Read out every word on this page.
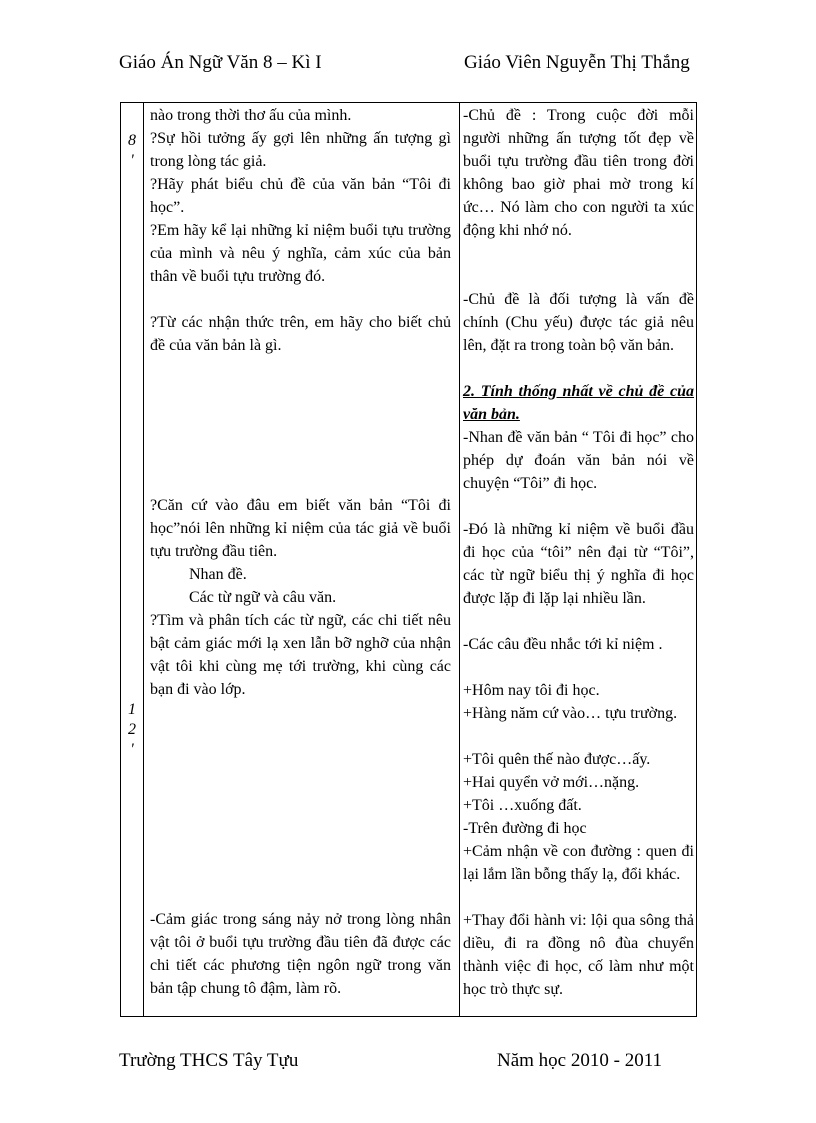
Giáo Án Ngữ Văn 8 – Kì I	Giáo Viên Nguyễn Thị Thắng
8
'
1
2
'
nào trong thời thơ ấu của mình.
?Sự hồi tưởng ấy gợi lên những ấn tượng gì trong lòng tác giả.
?Hãy phát biểu chủ đề của văn bản “Tôi đi học”.
?Em hãy kể lại những kỉ niệm buổi tựu trường của mình và nêu ý nghĩa, cảm xúc của bản thân về buổi tựu trường đó.
?Từ các nhận thức trên, em hãy cho biết chủ đề của văn bản là gì.
?Căn cứ vào đâu em biết văn bản “Tôi đi học”nói lên những kỉ niệm của tác giả về buổi tựu trường đầu tiên.
Nhan đề.
Các từ ngữ và câu văn.
?Tìm và phân tích các từ ngữ, các chi tiết nêu bật cảm giác mới lạ xen lẫn bỡ nghỡ của nhận vật tôi khi cùng mẹ tới trường, khi cùng các bạn đi vào lớp.
-Cảm giác trong sáng nảy nở trong lòng nhân vật tôi ở buổi tựu trường đầu tiên đã được các chi tiết các phương tiện ngôn ngữ trong văn bản tập chung tô đậm, làm rõ.
-Chủ đề : Trong cuộc đời mỗi người những ấn tượng tốt đẹp về buổi tựu trường đầu tiên trong đời không bao giờ phai mờ trong kí ức… Nó làm cho con người ta xúc động khi nhớ nó.
-Chủ đề là đối tượng là vấn đề chính (Chu yếu) được tác giả nêu lên, đặt ra trong toàn bộ văn bản.
2. Tính thống nhất về chủ đề của văn bản.
-Nhan đề văn bản “ Tôi đi học” cho phép dự đoán văn bản nói về chuyện “Tôi” đi học.
-Đó là những kỉ niệm về buổi đầu đi học của “tôi” nên đại từ “Tôi”, các từ ngữ biểu thị ý nghĩa đi học được lặp đi lặp lại nhiều lần.
-Các câu đều nhắc tới kỉ niệm .
+Hôm nay tôi đi học.
+Hàng năm cứ vào… tựu trường.
+Tôi quên thế nào được…ấy.
+Hai quyển vở mới…nặng.
+Tôi …xuống đất.
-Trên đường đi học
+Cảm nhận về con đường : quen đi lại lắm lần bỗng thấy lạ, đổi khác.
+Thay đổi hành vi: lội qua sông thả diều, đi ra đồng nô đùa chuyển thành việc đi học, cố làm như một học trò thực sự.
Trường THCS Tây Tựu	Năm học 2010 - 2011
